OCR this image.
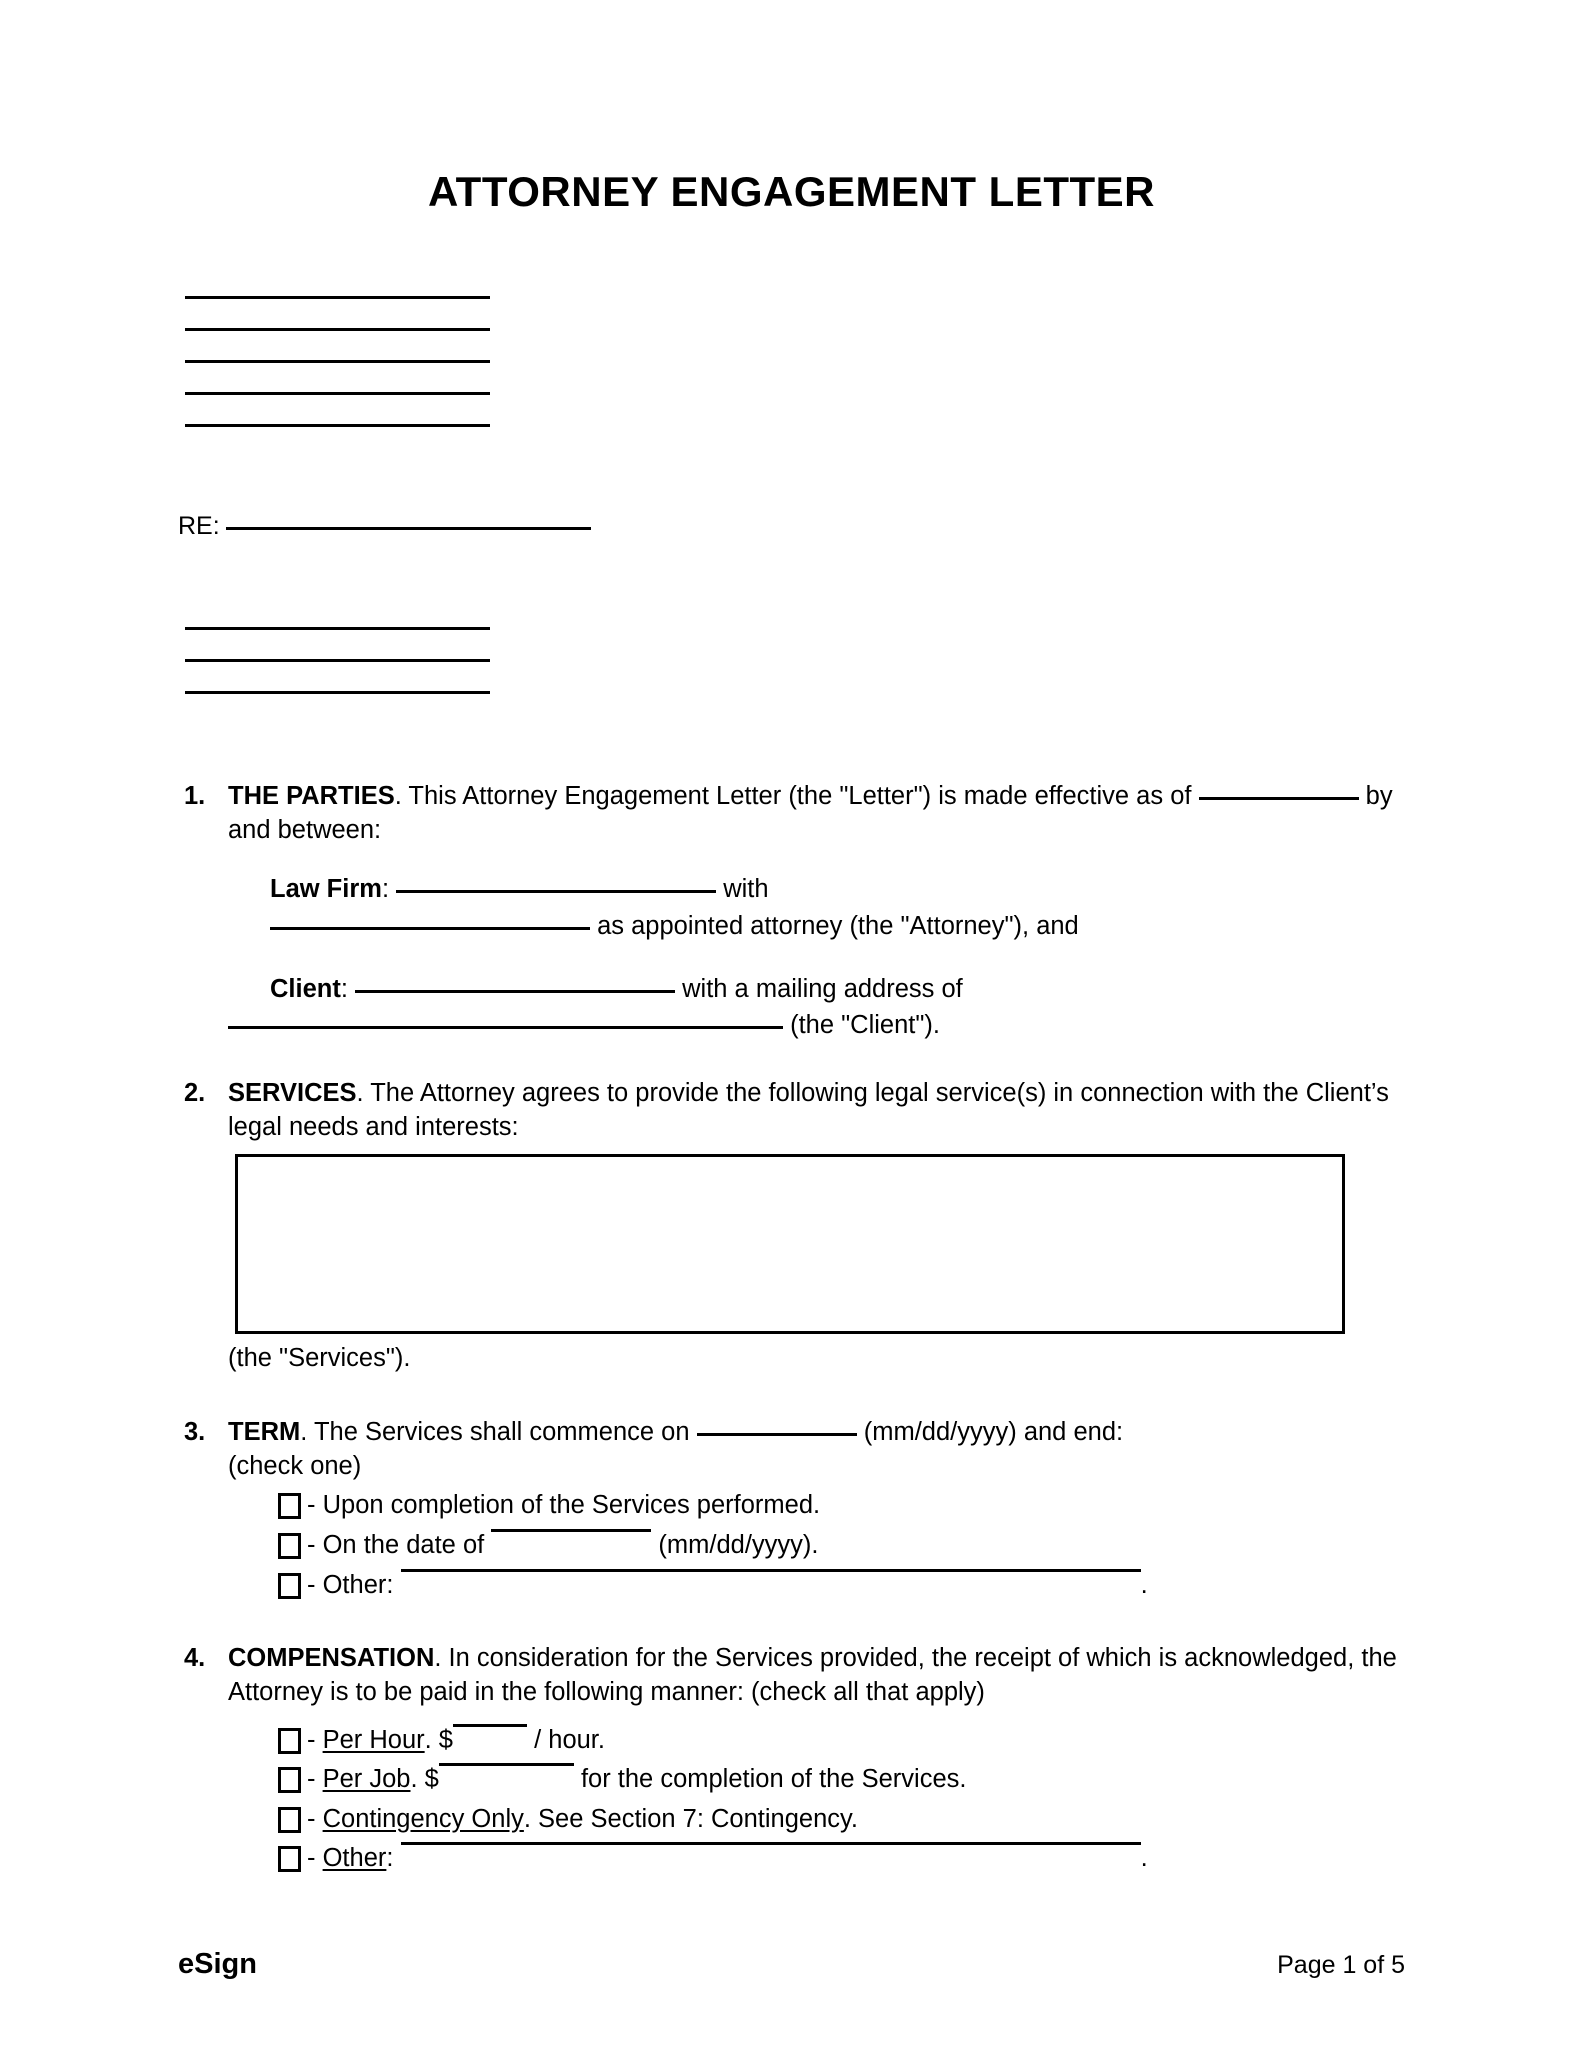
ATTORNEY ENGAGEMENT LETTER
RE:
1. THE PARTIES. This Attorney Engagement Letter (the "Letter") is made effective as of	by and between:
Law Firm:	with
as appointed attorney (the "Attorney"), and
Client:	with a mailing address of
(the "Client").
2. SERVICES. The Attorney agrees to provide the following legal service(s) in connection with the Client’s legal needs and interests:
(the "Services").
3. TERM. The Services shall commence on	(mm/dd/yyyy) and end:
(check one)
-
Upon completion of the Services performed.
-
On the date of

	(mm/dd/yyyy).
-
Other:
	.
4. COMPENSATION. In consideration for the Services provided, the receipt of which is acknowledged, the Attorney is to be paid in the following manner: (check all that apply)
-
Per Hour . $
	/ hour.
-
Per Job . $
	for the completion of the Services.
-
Contingency Only . See Section 7: Contingency.
-
Other :
	.
eSign	Page 1 of 5
